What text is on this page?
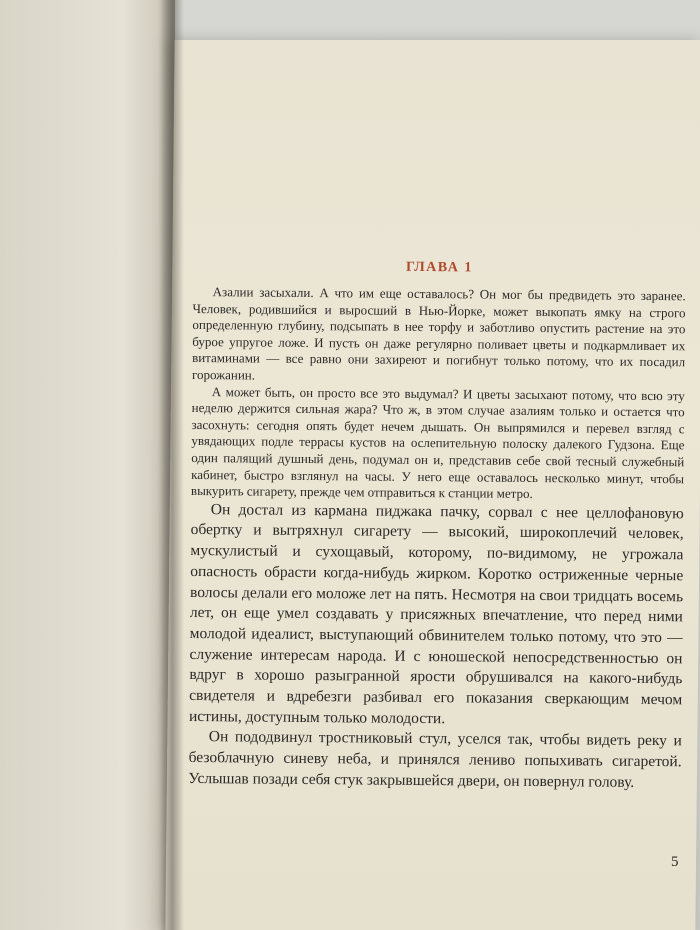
ГЛАВА 1

Азалии засыхали. А что им еще оставалось? Он мог бы предвидеть это заранее. Человек, родившийся и выросший в Нью-Йорке, может выкопать ямку на строго определенную глубину, подсыпать в нее торфу и заботливо опустить растение на это бурое упругое ложе. И пусть он даже регулярно поливает цветы и подкармливает их витаминами — все равно они захиреют и погибнут только потому, что их посадил горожанин.

А может быть, он просто все это выдумал? И цветы засыхают потому, что всю эту неделю держится сильная жара? Что ж, в этом случае азалиям только и остается что засохнуть: сегодня опять будет нечем дышать. Он выпрямился и перевел взгляд с увядающих подле террасы кустов на ослепительную полоску далекого Гудзона. Еще один палящий душный день, подумал он и, представив себе свой тесный служебный кабинет, быстро взглянул на часы. У него еще оставалось несколько минут, чтобы выкурить сигарету, прежде чем отправиться к станции метро.

Он достал из кармана пиджака пачку, сорвал с нее целлофановую обертку и вытряхнул сигарету — высокий, широкоплечий человек, мускулистый и сухощавый, которому, по-видимому, не угрожала опасность обрасти когда-нибудь жирком. Коротко остриженные черные волосы делали его моложе лет на пять. Несмотря на свои тридцать восемь лет, он еще умел создавать у присяжных впечатление, что перед ними молодой идеалист, выступающий обвинителем только потому, что это — служение интересам народа. И с юношеской непосредственностью он вдруг в хорошо разыгранной ярости обрушивался на какого-нибудь свидетеля и вдребезги разбивал его показания сверкающим мечом истины, доступным только молодости.

Он пододвинул тростниковый стул, уселся так, чтобы видеть реку и безоблачную синеву неба, и принялся лениво попыхивать сигаретой. Услышав позади себя стук закрывшейся двери, он повернул голову.

5
